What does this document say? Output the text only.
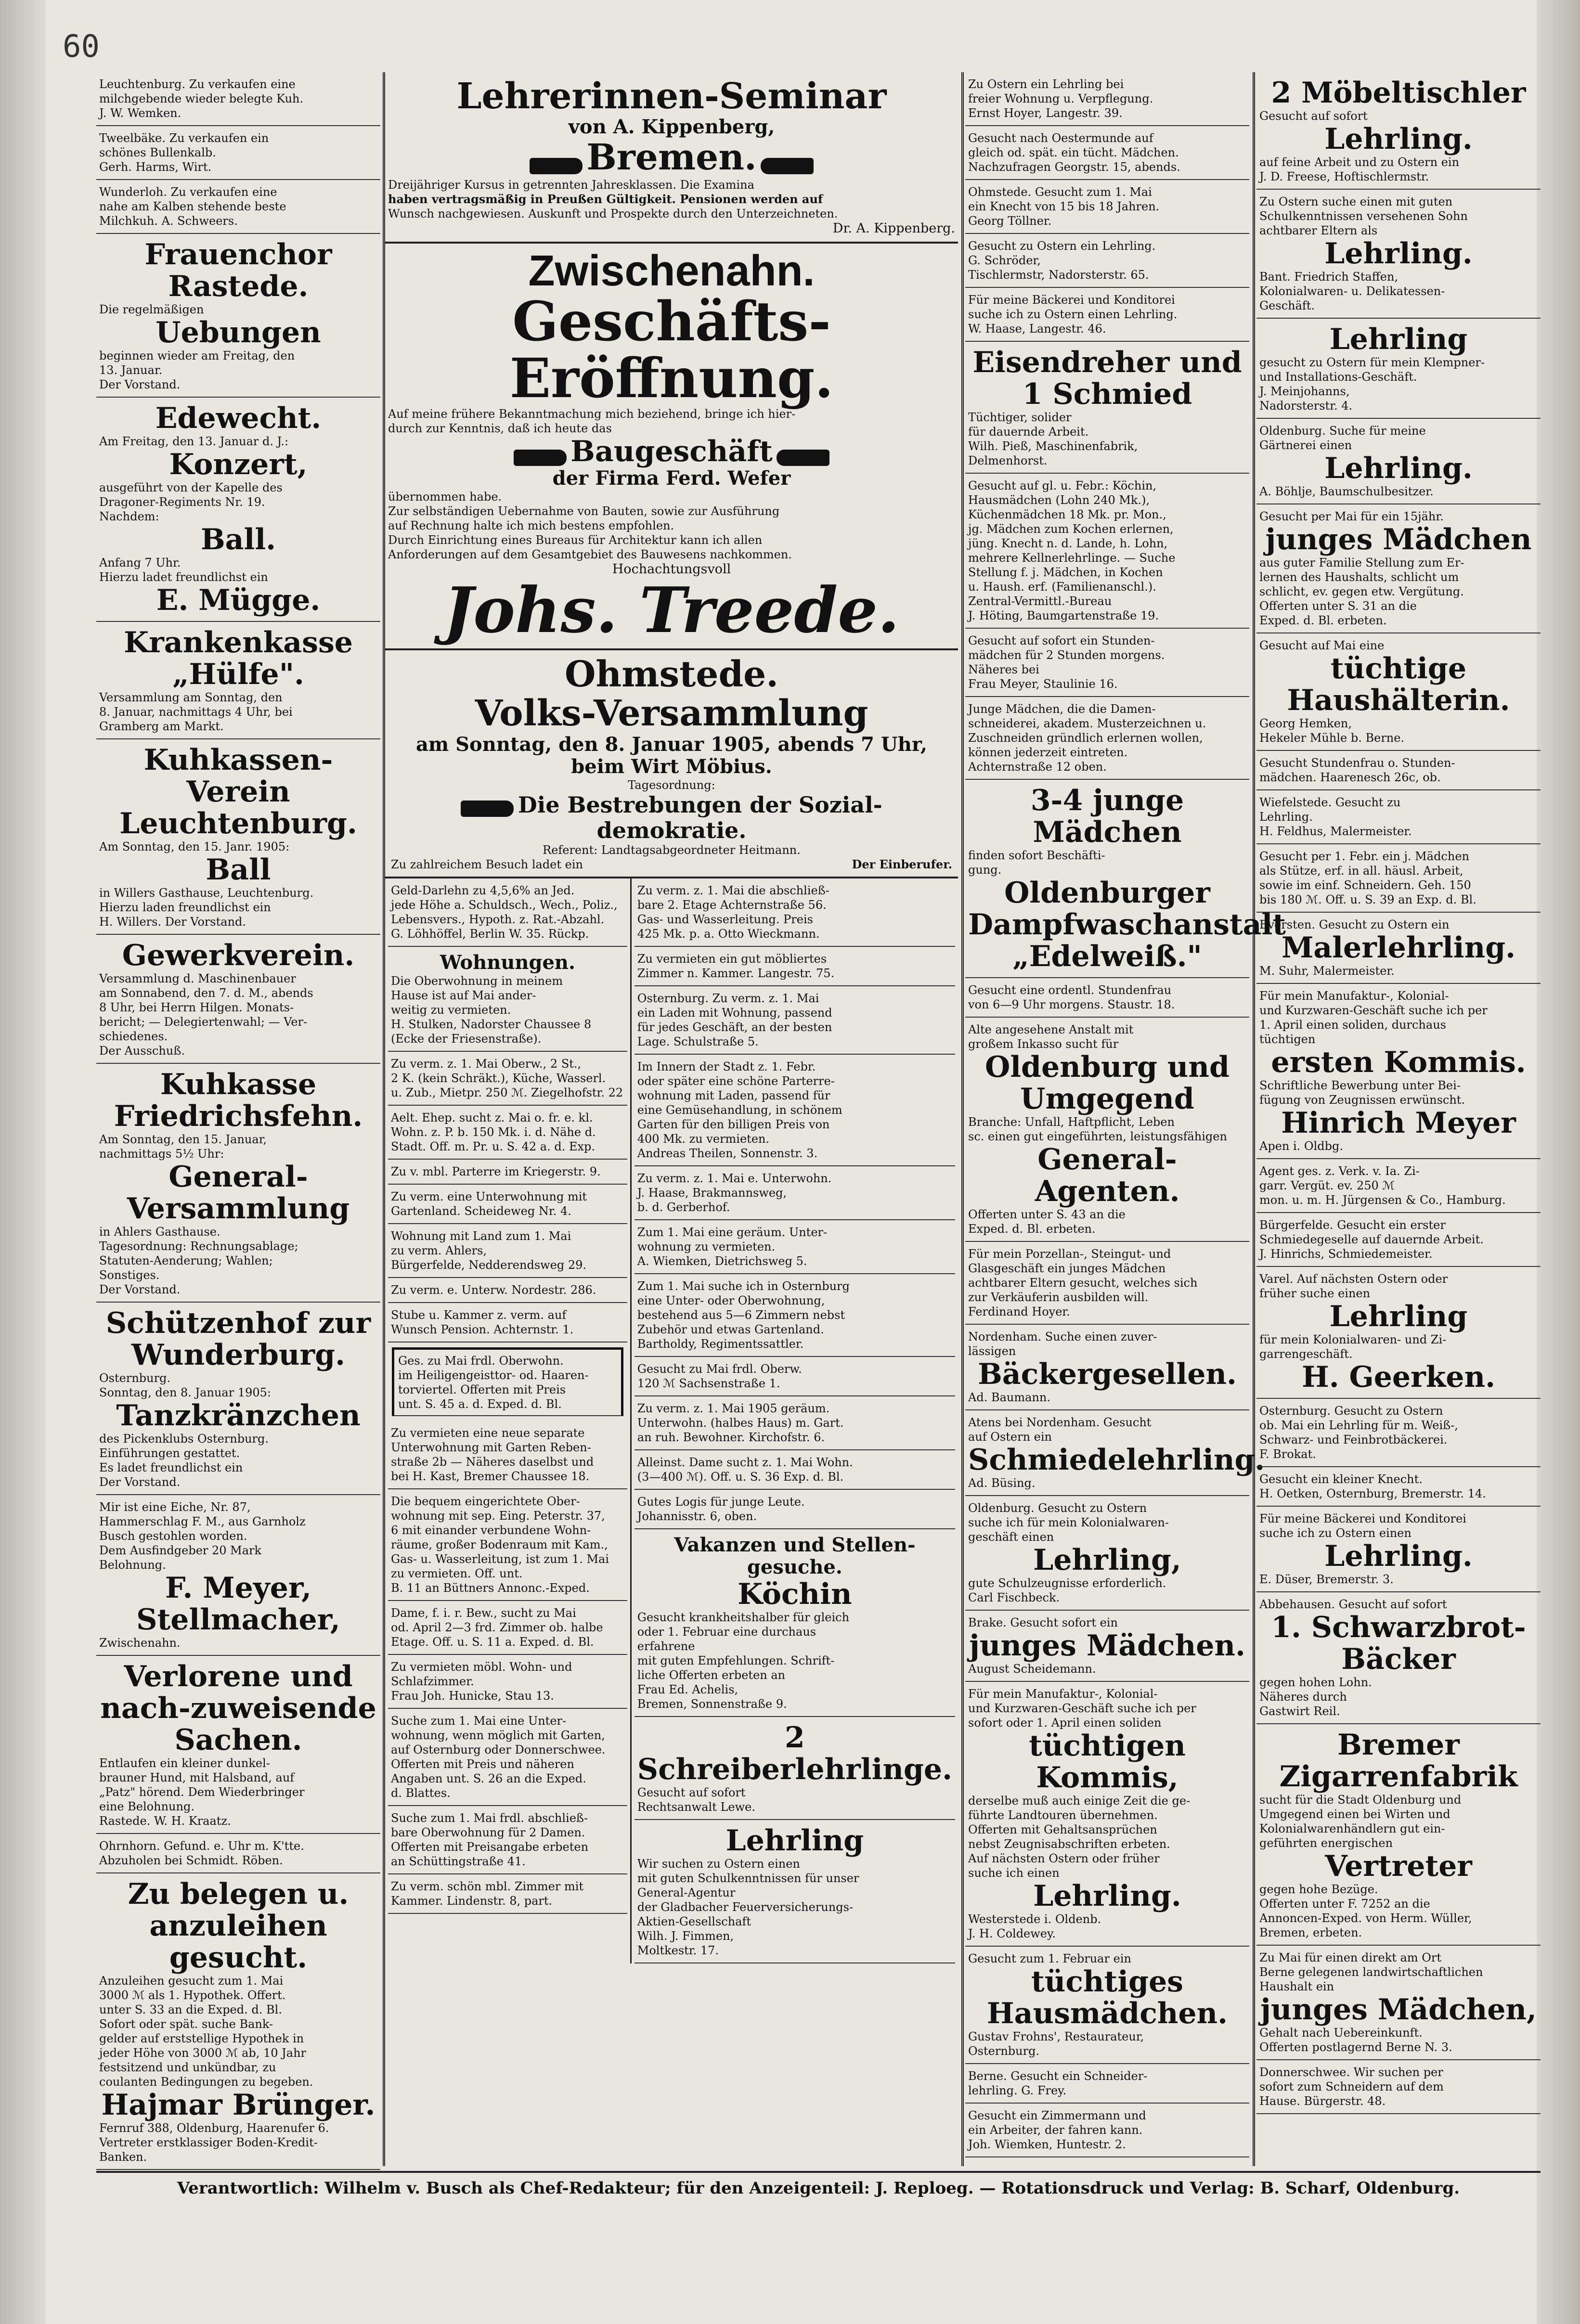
60
Leuchtenburg. Zu verkaufen eine
milchgebende wieder belegte Kuh.
J. W. Wemken.
Tweelbäke. Zu verkaufen ein
schönes Bullenkalb.
Gerh. Harms, Wirt.
Wunderloh. Zu verkaufen eine
nahe am Kalben stehende beste
Milchkuh. A. Schweers.
Frauenchor Rastede.
Die regelmäßigen
Uebungen
beginnen wieder am Freitag, den
13. Januar.
Der Vorstand.
Edewecht.
Am Freitag, den 13. Januar d. J.:
Konzert,
ausgeführt von der Kapelle des
Dragoner-Regiments Nr. 19.
Nachdem:
Ball.
Anfang 7 Uhr.
Hierzu ladet freundlichst ein
E. Mügge.
Krankenkasse „Hülfe".
Versammlung am Sonntag, den
8. Januar, nachmittags 4 Uhr, bei
Gramberg am Markt.
Kuhkassen-Verein Leuchtenburg.
Am Sonntag, den 15. Janr. 1905:
Ball
in Willers Gasthause, Leuchtenburg.
Hierzu laden freundlichst ein
H. Willers. Der Vorstand.
Gewerkverein.
Versammlung d. Maschinenbauer
am Sonnabend, den 7. d. M., abends
8 Uhr, bei Herrn Hilgen. Monats-
bericht; — Delegiertenwahl; — Ver-
schiedenes.
Der Ausschuß.
Kuhkasse Friedrichsfehn.
Am Sonntag, den 15. Januar,
nachmittags 5½ Uhr:
General-Versammlung
in Ahlers Gasthause.
Tagesordnung: Rechnungsablage;
Statuten-Aenderung; Wahlen;
Sonstiges.
Der Vorstand.
Schützenhof zur Wunderburg.
Osternburg.
Sonntag, den 8. Januar 1905:
Tanzkränzchen
des Pickenklubs Osternburg.
Einführungen gestattet.
Es ladet freundlichst ein
Der Vorstand.
Mir ist eine Eiche, Nr. 87,
Hammerschlag F. M., aus Garnholz
Busch gestohlen worden.
Dem Ausfindgeber 20 Mark
Belohnung.
F. Meyer, Stellmacher,
Zwischenahn.
Verlorene und nach-zuweisende Sachen.
Entlaufen ein kleiner dunkel-
brauner Hund, mit Halsband, auf
„Patz" hörend. Dem Wiederbringer
eine Belohnung.
Rastede. W. H. Kraatz.
Ohrnhorn. Gefund. e. Uhr m. K'tte.
Abzuholen bei Schmidt. Röben.
Zu belegen u. anzuleihen gesucht.
Anzuleihen gesucht zum 1. Mai
3000 ℳ als 1. Hypothek. Offert.
unter S. 33 an die Exped. d. Bl.
Sofort oder spät. suche Bank-
gelder auf erststellige Hypothek in
jeder Höhe von 3000 ℳ ab, 10 Jahr
festsitzend und unkündbar, zu
coulanten Bedingungen zu begeben.
Hajmar Brünger.
Fernruf 388, Oldenburg, Haarenufer 6.
Vertreter erstklassiger Boden-Kredit-
Banken.
Lehrerinnen-Seminar
von A. Kippenberg,
Bremen.
Dreijähriger Kursus in getrennten Jahresklassen. Die Examina
haben vertragsmäßig in Preußen Gültigkeit. Pensionen werden auf
Wunsch nachgewiesen. Auskunft und Prospekte durch den Unterzeichneten.
Dr. A. Kippenberg.
Zwischenahn.
Geschäfts-Eröffnung.
Auf meine frühere Bekanntmachung mich beziehend, bringe ich hier-
durch zur Kenntnis, daß ich heute das
Baugeschäft
der Firma Ferd. Wefer
übernommen habe.
Zur selbständigen Uebernahme von Bauten, sowie zur Ausführung
auf Rechnung halte ich mich bestens empfohlen.
Durch Einrichtung eines Bureaus für Architektur kann ich allen
Anforderungen auf dem Gesamtgebiet des Bauwesens nachkommen.
Hochachtungsvoll
Johs. Treede.
Ohmstede.
Volks-Versammlung
am Sonntag, den 8. Januar 1905, abends 7 Uhr,
beim Wirt Möbius.
Tagesordnung:
Die Bestrebungen der Sozial-demokratie.
Referent: Landtagsabgeordneter Heitmann.
Zu zahlreichem Besuch ladet ein	Der Einberufer.
Geld-Darlehn zu 4,5,6% an Jed.
jede Höhe a. Schuldsch., Wech., Poliz.,
Lebensvers., Hypoth. z. Rat.-Abzahl.
G. Löhhöffel, Berlin W. 35. Rückp.
Wohnungen.
Die Oberwohnung in meinem
Hause ist auf Mai ander-
weitig zu vermieten.
H. Stulken, Nadorster Chaussee 8
(Ecke der Friesenstraße).
Zu verm. z. 1. Mai Oberw., 2 St.,
2 K. (kein Schräkt.), Küche, Wasserl.
u. Zub., Mietpr. 250 ℳ. Ziegelhofstr. 22
Aelt. Ehep. sucht z. Mai o. fr. e. kl.
Wohn. z. P. b. 150 Mk. i. d. Nähe d.
Stadt. Off. m. Pr. u. S. 42 a. d. Exp.
Zu v. mbl. Parterre im Kriegerstr. 9.
Zu verm. eine Unterwohnung mit
Gartenland. Scheideweg Nr. 4.
Wohnung mit Land zum 1. Mai
zu verm. Ahlers,
Bürgerfelde, Nedderendsweg 29.
Zu verm. e. Unterw. Nordestr. 286.
Stube u. Kammer z. verm. auf
Wunsch Pension. Achternstr. 1.
Ges. zu Mai frdl. Oberwohn.
im Heiligengeisttor- od. Haaren-
torviertel. Offerten mit Preis
unt. S. 45 a. d. Exped. d. Bl.
Zu vermieten eine neue separate
Unterwohnung mit Garten Reben-
straße 2b — Näheres daselbst und
bei H. Kast, Bremer Chaussee 18.
Die bequem eingerichtete Ober-
wohnung mit sep. Eing. Peterstr. 37,
6 mit einander verbundene Wohn-
räume, großer Bodenraum mit Kam.,
Gas- u. Wasserleitung, ist zum 1. Mai
zu vermieten. Off. unt.
B. 11 an Büttners Annonc.-Exped.
Dame, f. i. r. Bew., sucht zu Mai
od. April 2—3 frd. Zimmer ob. halbe
Etage. Off. u. S. 11 a. Exped. d. Bl.
Zu vermieten möbl. Wohn- und
Schlafzimmer.
Frau Joh. Hunicke, Stau 13.
Suche zum 1. Mai eine Unter-
wohnung, wenn möglich mit Garten,
auf Osternburg oder Donnerschwee.
Offerten mit Preis und näheren
Angaben unt. S. 26 an die Exped.
d. Blattes.
Suche zum 1. Mai frdl. abschließ-
bare Oberwohnung für 2 Damen.
Offerten mit Preisangabe erbeten
an Schüttingstraße 41.
Zu verm. schön mbl. Zimmer mit
Kammer. Lindenstr. 8, part.
Zu verm. z. 1. Mai die abschließ-
bare 2. Etage Achternstraße 56.
Gas- und Wasserleitung. Preis
425 Mk. p. a. Otto Wieckmann.
Zu vermieten ein gut möbliertes
Zimmer n. Kammer. Langestr. 75.
Osternburg. Zu verm. z. 1. Mai
ein Laden mit Wohnung, passend
für jedes Geschäft, an der besten
Lage. Schulstraße 5.
Im Innern der Stadt z. 1. Febr.
oder später eine schöne Parterre-
wohnung mit Laden, passend für
eine Gemüsehandlung, in schönem
Garten für den billigen Preis von
400 Mk. zu vermieten.
Andreas Theilen, Sonnenstr. 3.
Zu verm. z. 1. Mai e. Unterwohn.
J. Haase, Brakmannsweg,
b. d. Gerberhof.
Zum 1. Mai eine geräum. Unter-
wohnung zu vermieten.
A. Wiemken, Dietrichsweg 5.
Zum 1. Mai suche ich in Osternburg
eine Unter- oder Oberwohnung,
bestehend aus 5—6 Zimmern nebst
Zubehör und etwas Gartenland.
Bartholdy, Regimentssattler.
Gesucht zu Mai frdl. Oberw.
120 ℳ Sachsenstraße 1.
Zu verm. z. 1. Mai 1905 geräum.
Unterwohn. (halbes Haus) m. Gart.
an ruh. Bewohner. Kirchofstr. 6.
Alleinst. Dame sucht z. 1. Mai Wohn.
(3—400 ℳ). Off. u. S. 36 Exp. d. Bl.
Gutes Logis für junge Leute.
Johannisstr. 6, oben.
Vakanzen und Stellen-gesuche.
Köchin
Gesucht krankheitshalber für gleich
oder 1. Februar eine durchaus
erfahrene
mit guten Empfehlungen. Schrift-
liche Offerten erbeten an
Frau Ed. Achelis,
Bremen, Sonnenstraße 9.
2 Schreiberlehrlinge.
Gesucht auf sofort
Rechtsanwalt Lewe.
Lehrling
Wir suchen zu Ostern einen
mit guten Schulkenntnissen für unser
General-Agentur
der Gladbacher Feuerversicherungs-
Aktien-Gesellschaft
Wilh. J. Fimmen,
Moltkestr. 17.
Zu Ostern ein Lehrling bei
freier Wohnung u. Verpflegung.
Ernst Hoyer, Langestr. 39.
Gesucht nach Oestermunde auf
gleich od. spät. ein tücht. Mädchen.
Nachzufragen Georgstr. 15, abends.
Ohmstede. Gesucht zum 1. Mai
ein Knecht von 15 bis 18 Jahren.
Georg Töllner.
Gesucht zu Ostern ein Lehrling.
G. Schröder,
Tischlermstr, Nadorsterstr. 65.
Für meine Bäckerei und Konditorei
suche ich zu Ostern einen Lehrling.
W. Haase, Langestr. 46.
Eisendreher und 1 Schmied
Tüchtiger, solider
für dauernde Arbeit.
Wilh. Pieß, Maschinenfabrik,
Delmenhorst.
Gesucht auf gl. u. Febr.: Köchin,
Hausmädchen (Lohn 240 Mk.),
Küchenmädchen 18 Mk. pr. Mon.,
jg. Mädchen zum Kochen erlernen,
jüng. Knecht n. d. Lande, h. Lohn,
mehrere Kellnerlehrlinge. — Suche
Stellung f. j. Mädchen, in Kochen
u. Haush. erf. (Familienanschl.).
Zentral-Vermittl.-Bureau
J. Höting, Baumgartenstraße 19.
Gesucht auf sofort ein Stunden-
mädchen für 2 Stunden morgens.
Näheres bei
Frau Meyer, Staulinie 16.
Junge Mädchen, die die Damen-
schneiderei, akadem. Musterzeichnen u.
Zuschneiden gründlich erlernen wollen,
können jederzeit eintreten.
Achternstraße 12 oben.
3-4 junge Mädchen
finden sofort Beschäfti-
gung.
Oldenburger Dampfwaschanstalt „Edelweiß."
Gesucht eine ordentl. Stundenfrau
von 6—9 Uhr morgens. Staustr. 18.
Alte angesehene Anstalt mit
großem Inkasso sucht für
Oldenburg und Umgegend
Branche: Unfall, Haftpflicht, Leben
sc. einen gut eingeführten, leistungsfähigen
General-Agenten.
Offerten unter S. 43 an die
Exped. d. Bl. erbeten.
Für mein Porzellan-, Steingut- und
Glasgeschäft ein junges Mädchen
achtbarer Eltern gesucht, welches sich
zur Verkäuferin ausbilden will.
Ferdinand Hoyer.
Nordenham. Suche einen zuver-
lässigen
Bäckergesellen.
Ad. Baumann.
Atens bei Nordenham. Gesucht
auf Ostern ein
Schmiedelehrling.
Ad. Büsing.
Oldenburg. Gesucht zu Ostern
suche ich für mein Kolonialwaren-
geschäft einen
Lehrling,
gute Schulzeugnisse erforderlich.
Carl Fischbeck.
Brake. Gesucht sofort ein
junges Mädchen.
August Scheidemann.
Für mein Manufaktur-, Kolonial-
und Kurzwaren-Geschäft suche ich per
sofort oder 1. April einen soliden
tüchtigen Kommis,
derselbe muß auch einige Zeit die ge-
führte Landtouren übernehmen.
Offerten mit Gehaltsansprüchen
nebst Zeugnisabschriften erbeten.
Auf nächsten Ostern oder früher
suche ich einen
Lehrling.
Westerstede i. Oldenb.
J. H. Coldewey.
Gesucht zum 1. Februar ein
tüchtiges Hausmädchen.
Gustav Frohns', Restaurateur,
Osternburg.
Berne. Gesucht ein Schneider-
lehrling. G. Frey.
Gesucht ein Zimmermann und
ein Arbeiter, der fahren kann.
Joh. Wiemken, Huntestr. 2.
2 Möbeltischler
Gesucht auf sofort
Lehrling.
auf feine Arbeit und zu Ostern ein
J. D. Freese, Hoftischlermstr.
Zu Ostern suche einen mit guten
Schulkenntnissen versehenen Sohn
achtbarer Eltern als
Lehrling.
Bant. Friedrich Staffen,
Kolonialwaren- u. Delikatessen-
Geschäft.
Lehrling
gesucht zu Ostern für mein Klempner-
und Installations-Geschäft.
J. Meinjohanns,
Nadorsterstr. 4.
Oldenburg. Suche für meine
Gärtnerei einen
Lehrling.
A. Böhlje, Baumschulbesitzer.
Gesucht per Mai für ein 15jähr.
junges Mädchen
aus guter Familie Stellung zum Er-
lernen des Haushalts, schlicht um
schlicht, ev. gegen etw. Vergütung.
Offerten unter S. 31 an die
Exped. d. Bl. erbeten.
Gesucht auf Mai eine
tüchtige Haushälterin.
Georg Hemken,
Hekeler Mühle b. Berne.
Gesucht Stundenfrau o. Stunden-
mädchen. Haarenesch 26c, ob.
Wiefelstede. Gesucht zu
Lehrling.
H. Feldhus, Malermeister.
Gesucht per 1. Febr. ein j. Mädchen
als Stütze, erf. in all. häusl. Arbeit,
sowie im einf. Schneidern. Geh. 150
bis 180 ℳ. Off. u. S. 39 an Exp. d. Bl.
Eversten. Gesucht zu Ostern ein
Malerlehrling.
M. Suhr, Malermeister.
Für mein Manufaktur-, Kolonial-
und Kurzwaren-Geschäft suche ich per
1. April einen soliden, durchaus
tüchtigen
ersten Kommis.
Schriftliche Bewerbung unter Bei-
fügung von Zeugnissen erwünscht.
Hinrich Meyer
Apen i. Oldbg.
Agent ges. z. Verk. v. Ia. Zi-
garr. Vergüt. ev. 250 ℳ
mon. u. m. H. Jürgensen & Co., Hamburg.
Bürgerfelde. Gesucht ein erster
Schmiedegeselle auf dauernde Arbeit.
J. Hinrichs, Schmiedemeister.
Varel. Auf nächsten Ostern oder
früher suche einen
Lehrling
für mein Kolonialwaren- und Zi-
garrengeschäft.
H. Geerken.
Osternburg. Gesucht zu Ostern
ob. Mai ein Lehrling für m. Weiß-,
Schwarz- und Feinbrotbäckerei.
F. Brokat.
Gesucht ein kleiner Knecht.
H. Oetken, Osternburg, Bremerstr. 14.
Für meine Bäckerei und Konditorei
suche ich zu Ostern einen
Lehrling.
E. Düser, Bremerstr. 3.
Abbehausen. Gesucht auf sofort
1. Schwarzbrot-Bäcker
gegen hohen Lohn.
Näheres durch
Gastwirt Reil.
Bremer Zigarrenfabrik
sucht für die Stadt Oldenburg und
Umgegend einen bei Wirten und
Kolonialwarenhändlern gut ein-
geführten energischen
Vertreter
gegen hohe Bezüge.
Offerten unter F. 7252 an die
Annoncen-Exped. von Herm. Wüller,
Bremen, erbeten.
Zu Mai für einen direkt am Ort
Berne gelegenen landwirtschaftlichen
Haushalt ein
junges Mädchen,
Gehalt nach Uebereinkunft.
Offerten postlagernd Berne N. 3.
Donnerschwee. Wir suchen per
sofort zum Schneidern auf dem
Hause. Bürgerstr. 48.
Verantwortlich: Wilhelm v. Busch als Chef-Redakteur; für den Anzeigenteil: J. Reploeg. — Rotationsdruck und Verlag: B. Scharf, Oldenburg.
